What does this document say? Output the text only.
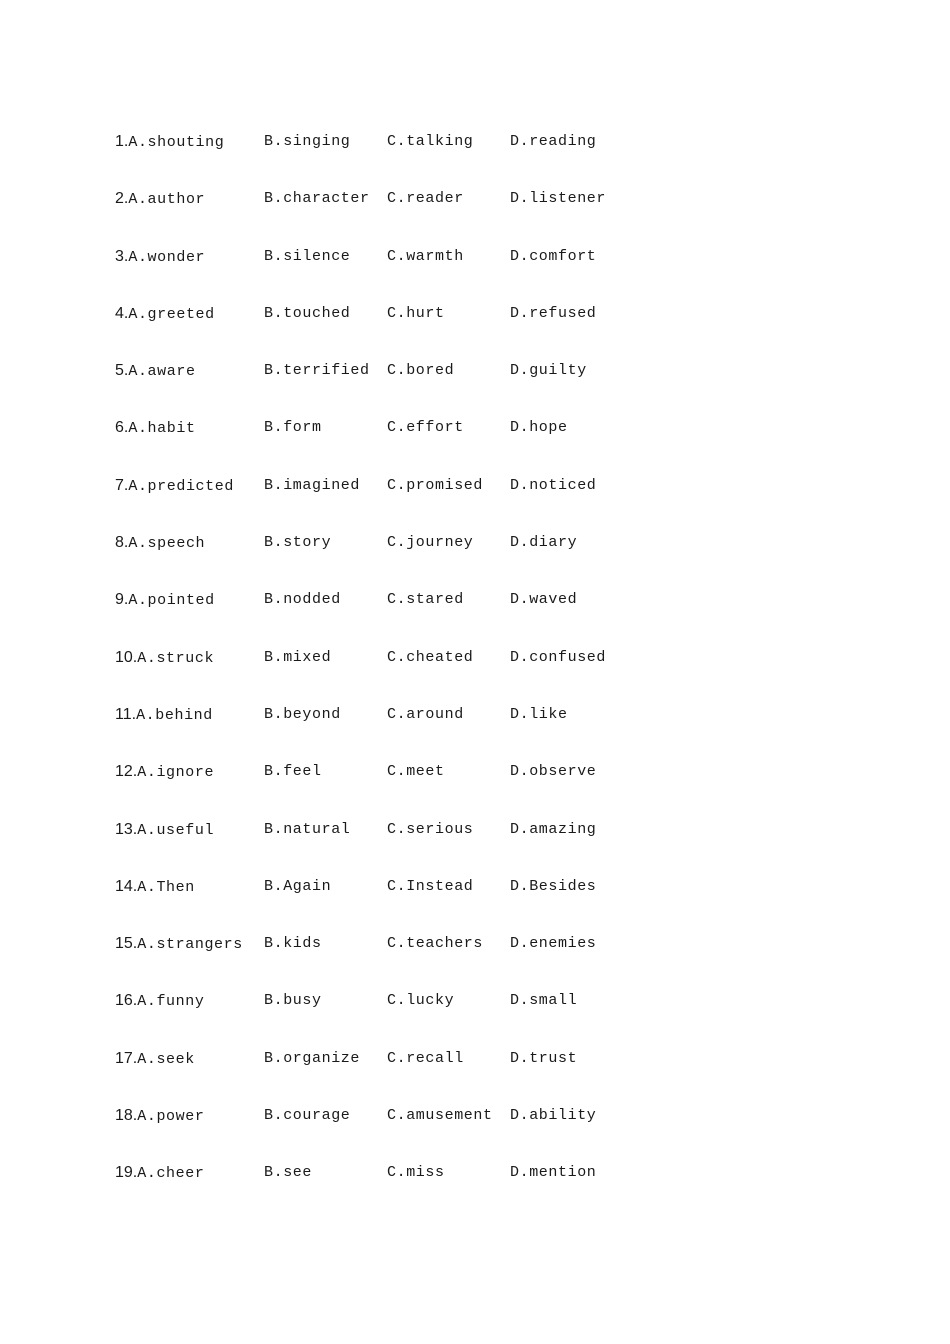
1.A.shouting	B.singing C.talking D.reading
2.A.author	B.character C.reader	D.listener
3.A.wonder	B.silence C.warmth	D.comfort
4.A.greeted	B.touched C.hurt	D.refused
5.A.aware	B.terrified C.bored	D.guilty
6.A.habit	B.form	C.effort	D.hope
7.A.predicted B.imagined C.promised D.noticed
8.A.speech	B.story	C.journey D.diary
9.A.pointed	B.nodded	C.stared	D.waved
10.A.struck	B.mixed	C.cheated D.confused
11.A.behind	B.beyond	C.around	D.like
12.A.ignore	B.feel	C.meet	D.observe
13.A.useful	B.natural C.serious D.amazing
14.A.Then	B.Again	C.Instead D.Besides
15.A.strangers B.kids	C.teachers D.enemies
16.A.funny	B.busy	C.lucky	D.small
17.A.seek	B.organize C.recall	D.trust
18.A.power	B.courage C.amusement D.ability
19.A.cheer	B.see	C.miss	D.mention
